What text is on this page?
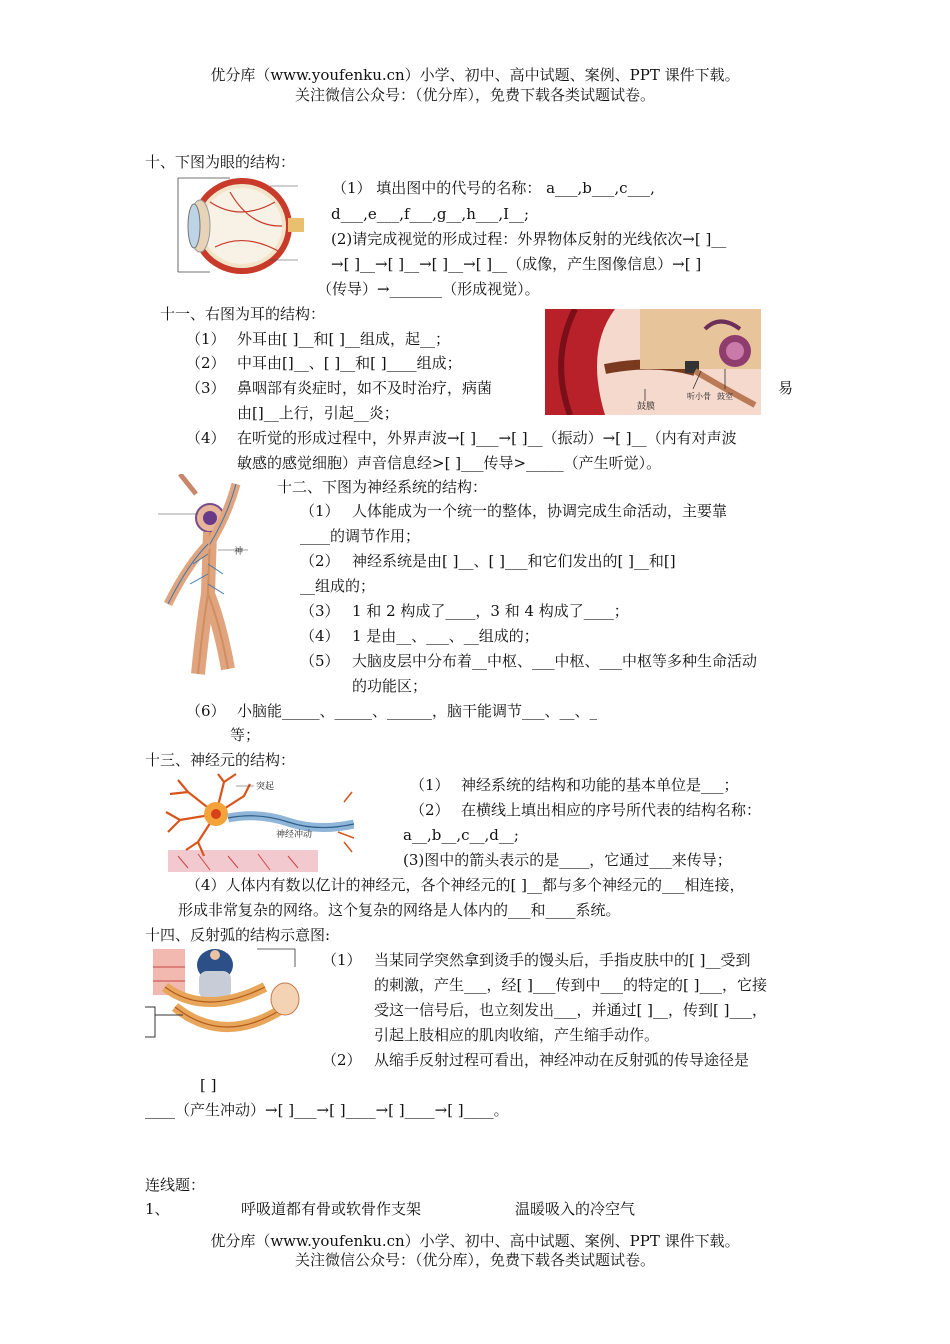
优分库（www.youfenku.cn）小学、初中、高中试题、案例、PPT 课件下载。
关注微信公众号：（优分库），免费下载各类试题试卷。
十、下图为眼的结构：
（1） 填出图中的代号的名称： a___,b___,c___,
d___,e___,f___,g__,h___,I__;
(2)请完成视觉的形成过程：外界物体反射的光线依次→[ ]__
→[ ]__→[ ]__→[ ]__→[ ]__（成像，产生图像信息）→[ ]
（传导）→_______（形成视觉）。
十一、右图为耳的结构：
鼓膜
听小骨 鼓室
（1） 外耳由[ ]__和[ ]__组成，起__；
（2） 中耳由[]__、[ ]__和[ ]____组成；
（3） 鼻咽部有炎症时，如不及时治疗，病菌	易
由[]__上行，引起__炎；
（4） 在听觉的形成过程中，外界声波→[ ]___→[ ]__（振动）→[ ]__（内有对声波
敏感的感觉细胞）声音信息经>[ ]___传导>_____（产生听觉）。
神
十二、下图为神经系统的结构：
（1） 人体能成为一个统一的整体，协调完成生命活动，主要靠
____的调节作用；
（2） 神经系统是由[ ]__、[ ]___和它们发出的[ ]__和[]
__组成的；
（3） 1 和 2 构成了____，3 和 4 构成了____；
（4） 1 是由__、___、__组成的；
（5） 大脑皮层中分布着__中枢、___中枢、___中枢等多种生命活动
的功能区；
（6） 小脑能_____、_____、______，脑干能调节___、__、_
等；
十三、神经元的结构：
突起
神经冲动
（1） 神经系统的结构和功能的基本单位是___；
（2） 在横线上填出相应的序号所代表的结构名称：
a__,b__,c__,d__;
(3)图中的箭头表示的是____，它通过___来传导；
（4）人体内有数以亿计的神经元，各个神经元的[ ]__都与多个神经元的___相连接，
形成非常复杂的网络。这个复杂的网络是人体内的___和____系统。
十四、反射弧的结构示意图:
（1） 当某同学突然拿到烫手的馒头后，手指皮肤中的[ ]__受到
的刺激，产生___，经[ ]___传到中___的特定的[ ]___，它接
受这一信号后，也立刻发出___，并通过[ ]__，传到[ ]___，
引起上肢相应的肌肉收缩，产生缩手动作。
（2） 从缩手反射过程可看出，神经冲动在反射弧的传导途径是
[ ]
____（产生冲动）→[ ]___→[ ]____→[ ]____→[ ]____。
连线题：
1、	呼吸道都有骨或软骨作支架	温暖吸入的冷空气
优分库（www.youfenku.cn）小学、初中、高中试题、案例、PPT 课件下载。
关注微信公众号：（优分库），免费下载各类试题试卷。
